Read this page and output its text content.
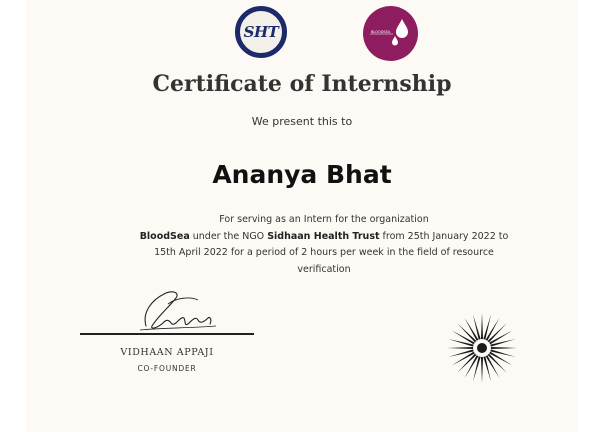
SHT	BLOODSEA
Certificate of Internship

We present this to

Ananya Bhat

For serving as an Intern for the organization
BloodSea under the NGO Sidhaan Health Trust from 25th January 2022 to 15th April 2022 for a period of 2 hours per week in the field of resource verification

VIDHAAN APPAJI

CO-FOUNDER
